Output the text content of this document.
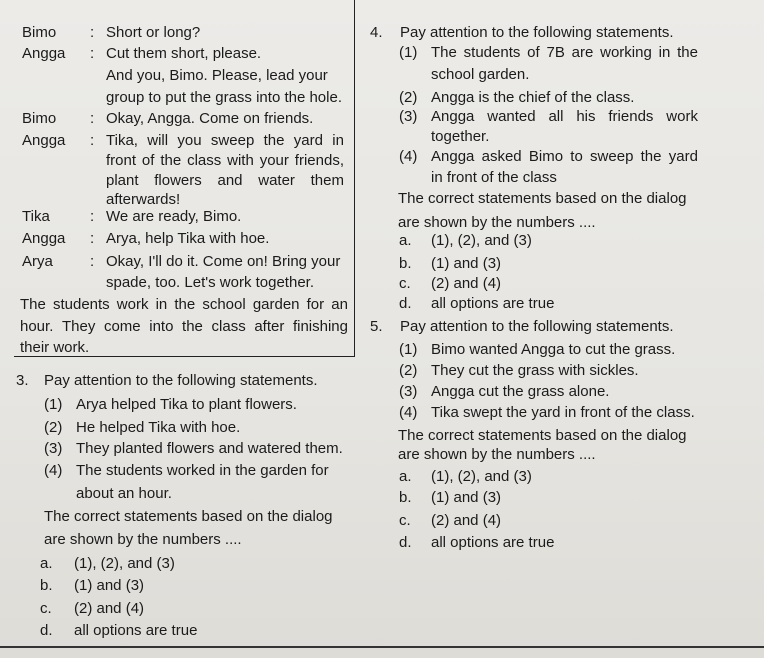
Bimo : Short or long?
Angga : Cut them short, please.
And you, Bimo. Please, lead your
group to put the grass into the hole.
Bimo : Okay, Angga. Come on friends.
Angga : Tika, will you sweep the yard in
front of the class with your friends,
plant flowers and water them
afterwards!
Tika	: We are ready, Bimo.
Angga : Arya, help Tika with hoe.
Arya : Okay, I'll do it. Come on! Bring your
spade, too. Let's work together.
The students work in the school garden for an
hour. They come into the class after finishing
their work.
4. Pay attention to the following statements.
(1) The students of 7B are working in the
school garden.
(2) Angga is the chief of the class.
(3) Angga wanted all his friends work
together.
(4) Angga asked Bimo to sweep the yard
in front of the class
The correct statements based on the dialog
are shown by the numbers ....
a. (1), (2), and (3)
b. (1) and (3)
c. (2) and (4)
d. all options are true
5. Pay attention to the following statements.
(1) Bimo wanted Angga to cut the grass.
(2) They cut the grass with sickles.
(3) Angga cut the grass alone.
(4) Tika swept the yard in front of the class.
The correct statements based on the dialog
are shown by the numbers ....
a. (1), (2), and (3)
b. (1) and (3)
c. (2) and (4)
d. all options are true
3. Pay attention to the following statements.
(1) Arya helped Tika to plant flowers.
(2) He helped Tika with hoe.
(3) They planted flowers and watered them.
(4) The students worked in the garden for
about an hour.
The correct statements based on the dialog
are shown by the numbers ....
a. (1), (2), and (3)
b. (1) and (3)
c. (2) and (4)
d. all options are true
